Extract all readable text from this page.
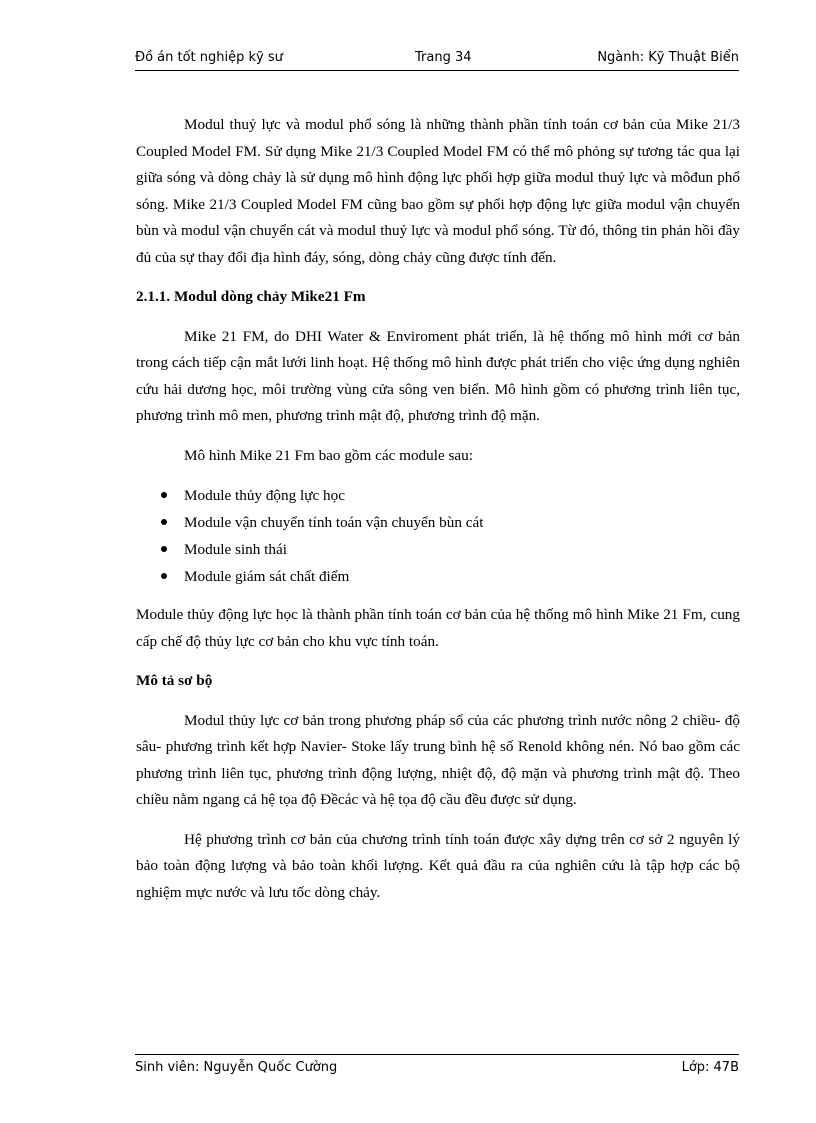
Đồ án tốt nghiệp kỹ sư	Trang 34	Ngành: Kỹ Thuật Biển

Modul thuỷ lực và modul phổ sóng là những thành phần tính toán cơ bản của Mike 21/3 Coupled Model FM. Sử dụng Mike 21/3 Coupled Model FM có thể mô phỏng sự tương tác qua lại giữa sóng và dòng chảy là sử dụng mô hình động lực phối hợp giữa modul thuỷ lực và môđun phổ sóng. Mike 21/3 Coupled Model FM cũng bao gồm sự phối hợp động lực giữa modul vận chuyển bùn và modul vận chuyển cát và modul thuỷ lực và modul phổ sóng. Từ đó, thông tin phản hồi đầy đủ của sự thay đổi địa hình đáy, sóng, dòng chảy cũng được tính đến.

2.1.1. Modul dòng chảy Mike21 Fm

Mike 21 FM, do DHI Water & Enviroment phát triển, là hệ thống mô hình mới cơ bản trong cách tiếp cận mắt lưới linh hoạt. Hệ thống mô hình được phát triển cho việc ứng dụng nghiên cứu hải dương học, môi trường vùng cửa sông ven biển. Mô hình gồm có phương trình liên tục, phương trình mô men, phương trình mật độ, phương trình độ mặn.

Mô hình Mike 21 Fm bao gồm các module sau:

Module thủy động lực học
Module vận chuyển tính toán vận chuyển bùn cát
Module sinh thái
Module giám sát chất điểm

Module thủy động lực học là thành phần tính toán cơ bản của hệ thống mô hình Mike 21 Fm, cung cấp chế độ thủy lực cơ bản cho khu vực tính toán.

Mô tả sơ bộ

Modul thủy lực cơ bản trong phương pháp số của các phương trình nước nông 2 chiều- độ sâu- phương trình kết hợp Navier- Stoke lấy trung bình hệ số Renold không nén. Nó bao gồm các phương trình liên tục, phương trình động lượng, nhiệt độ, độ mặn và phương trình mật độ. Theo chiều nằm ngang cả hệ tọa độ Đềcác và hệ tọa độ cầu đều được sử dụng.

Hệ phương trình cơ bản của chương trình tính toán được xây dựng trên cơ sở 2 nguyên lý bảo toàn động lượng và bảo toàn khối lượng. Kết quả đầu ra của nghiên cứu là tập hợp các bộ nghiệm mực nước và lưu tốc dòng chảy.

Sinh viên: Nguyễn Quốc Cường	Lớp: 47B
